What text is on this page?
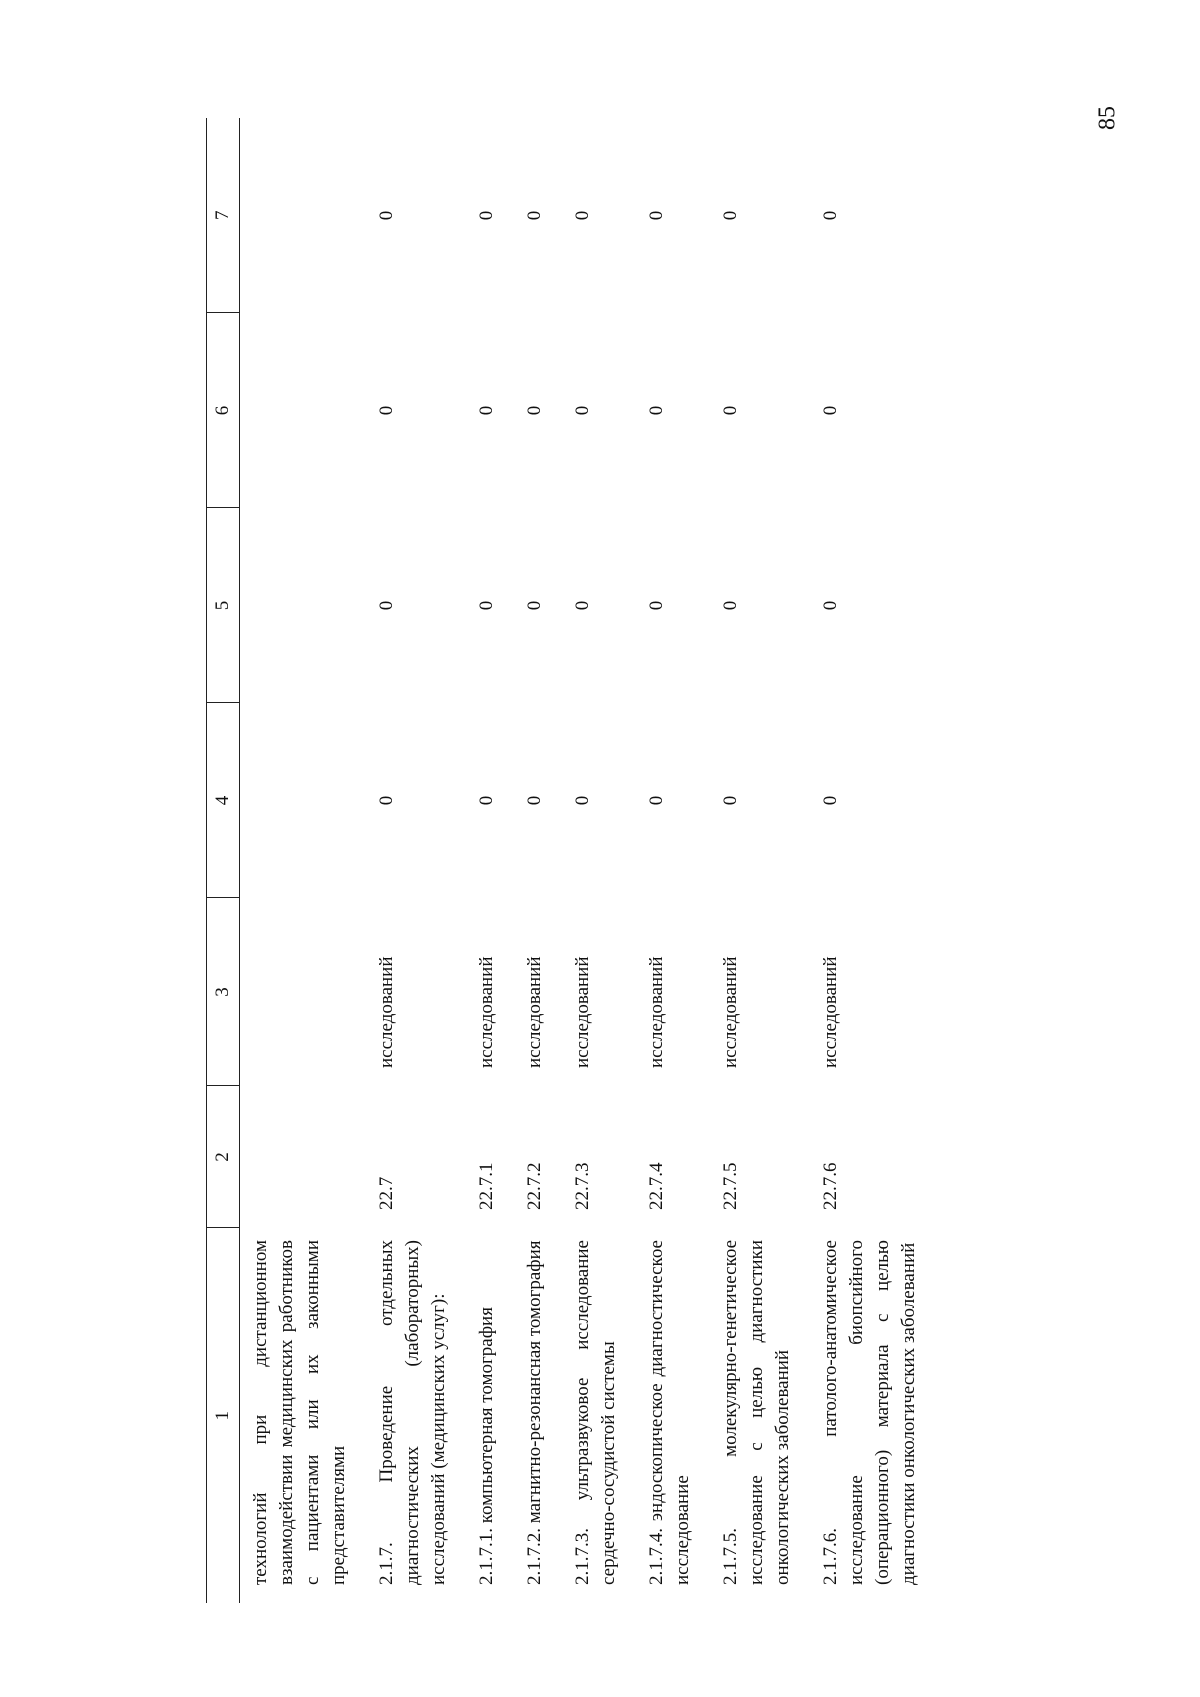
85
1	2	3	4	5	6	7
технологий при дистанционном взаимодействии медицинских работников с пациентами или их законными представителями						
2.1.7. Проведение отдельных диагностических (лабораторных) исследований (медицинских услуг):	22.7	исследований	0	0	0	0
2.1.7.1. компьютерная томография	22.7.1	исследований	0	0	0	0
2.1.7.2. магнитно-резонансная томография	22.7.2	исследований	0	0	0	0
2.1.7.3. ультразвуковое исследование сердечно-сосудистой системы	22.7.3	исследований	0	0	0	0
2.1.7.4. эндоскопическое диагностическое исследование	22.7.4	исследований	0	0	0	0
2.1.7.5. молекулярно-генетическое исследование с целью диагностики онкологических заболеваний	22.7.5	исследований	0	0	0	0
2.1.7.6. патолого-анатомическое исследование биопсийного (операционного) материала с целью диагностики онкологических заболеваний	22.7.6	исследований	0	0	0	0
